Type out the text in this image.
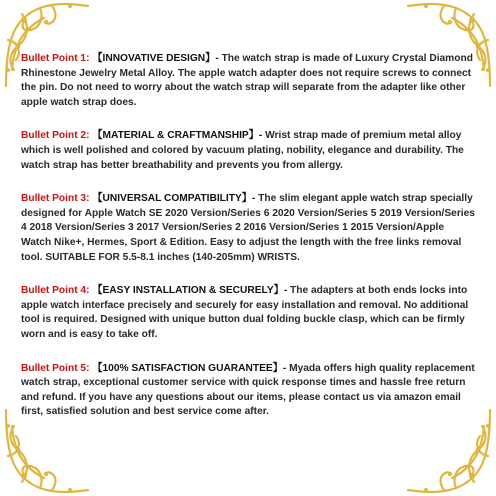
Bullet Point 1: 【INNOVATIVE DESIGN】- The watch strap is made of Luxury Crystal Diamond Rhinestone Jewelry Metal Alloy. The apple watch adapter does not require screws to connect the pin. Do not need to worry about the watch strap will separate from the adapter like other apple watch strap does.

Bullet Point 2: 【MATERIAL & CRAFTMANSHIP】- Wrist strap made of premium metal alloy which is well polished and colored by vacuum plating, nobility, elegance and durability. The watch strap has better breathability and prevents you from allergy.

Bullet Point 3: 【UNIVERSAL COMPATIBILITY】- The slim elegant apple watch strap specially designed for Apple Watch SE 2020 Version/Series 6 2020 Version/Series 5 2019 Version/Series 4 2018 Version/Series 3 2017 Version/Series 2 2016 Version/Series 1 2015 Version/Apple Watch Nike+, Hermes, Sport & Edition. Easy to adjust the length with the free links removal tool. SUITABLE FOR 5.5-8.1 inches (140-205mm) WRISTS.

Bullet Point 4: 【EASY INSTALLATION & SECURELY】- The adapters at both ends locks into apple watch interface precisely and securely for easy installation and removal. No additional tool is required. Designed with unique button dual folding buckle clasp, which can be firmly worn and is easy to take off.

Bullet Point 5: 【100% SATISFACTION GUARANTEE】- Myada offers high quality replacement watch strap, exceptional customer service with quick response times and hassle free return and refund. If you have any questions about our items, please contact us via amazon email first, satisfied solution and best service come after.
